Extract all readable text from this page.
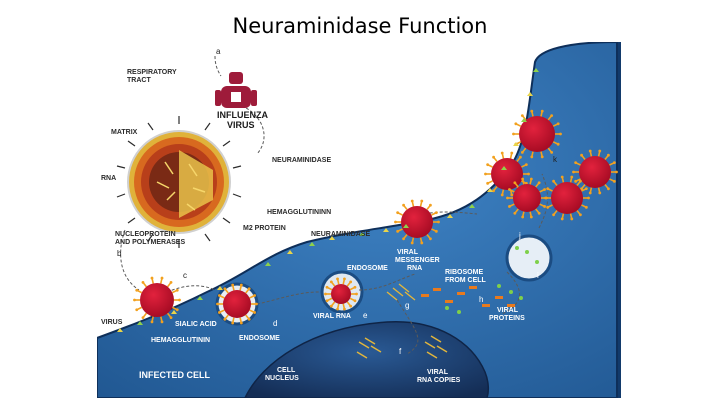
Neuraminidase Function
RESPIRATORY
TRACT
INFLUENZA
VIRUS
MATRIX
RNA
NEURAMINIDASE
HEMAGGLUTININN
M2 PROTEIN
NUCLEOPROTEIN
AND POLYMERASES
NEURAMINIDASE
VIRAL
MESSENGER
RNA
ENDOSOME
RIBOSOME
FROM CELL
VIRAL
PROTEINS
VIRUS	SIALIC ACID
HEMAGGLUTININ	ENDOSOME
VIRAL RNA
INFECTED CELL	CELL
NUCLEUS
VIRAL
RNA COPIES
a
b
c
d
e
f
g
h
i
j
k
